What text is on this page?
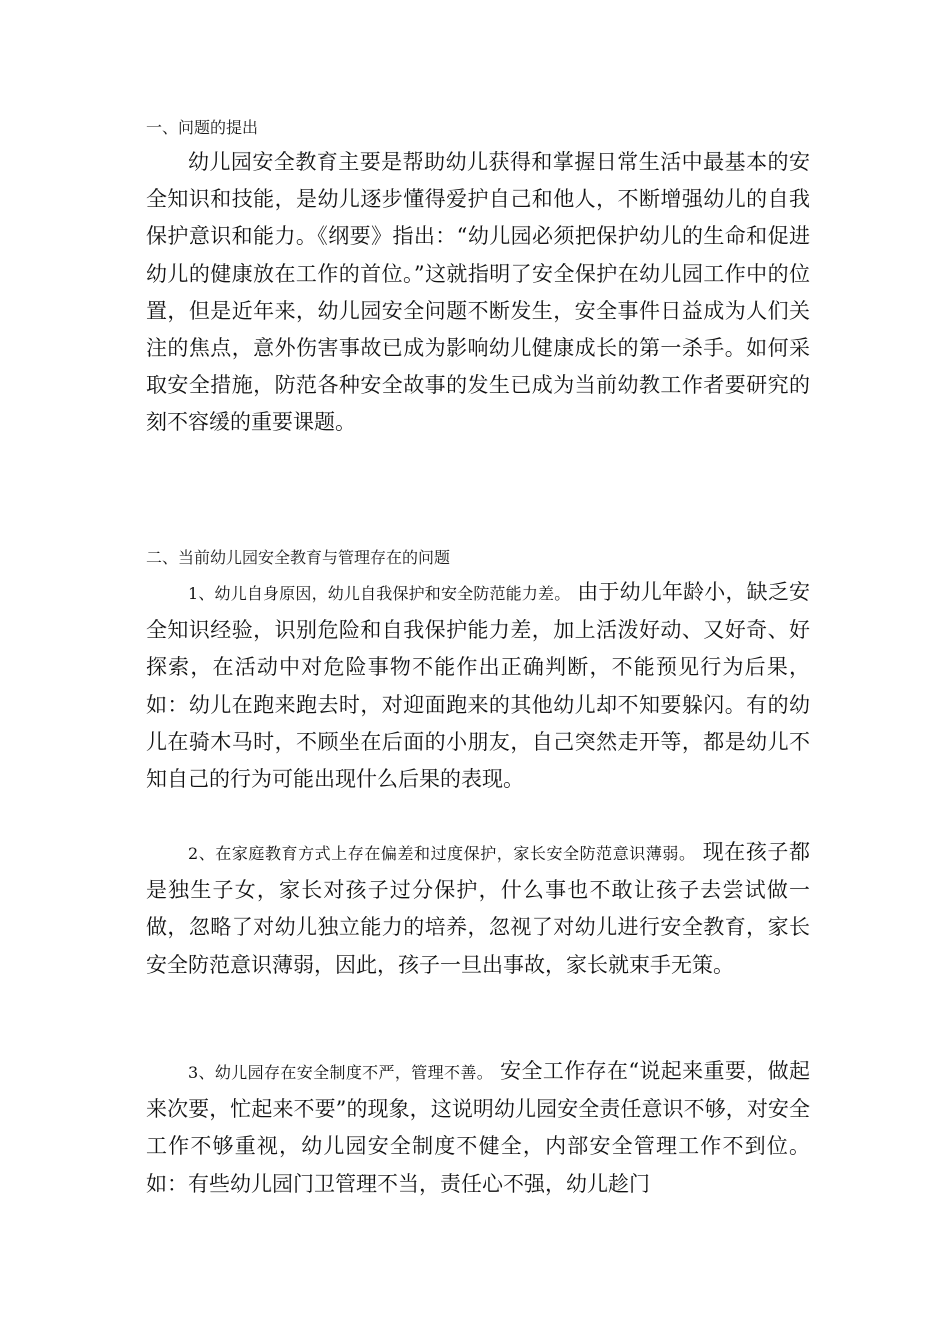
一、问题的提出

幼儿园安全教育主要是帮助幼儿获得和掌握日常生活中最基本的安全知识和技能，是幼儿逐步懂得爱护自己和他人，不断增强幼儿的自我保护意识和能力。《纲要》指出：“幼儿园必须把保护幼儿的生命和促进幼儿的健康放在工作的首位。”这就指明了安全保护在幼儿园工作中的位置，但是近年来，幼儿园安全问题不断发生，安全事件日益成为人们关注的焦点，意外伤害事故已成为影响幼儿健康成长的第一杀手。如何采取安全措施，防范各种安全故事的发生已成为当前幼教工作者要研究的刻不容缓的重要课题。

二、当前幼儿园安全教育与管理存在的问题

1、幼儿自身原因，幼儿自我保护和安全防范能力差。 由于幼儿年龄小，缺乏安全知识经验，识别危险和自我保护能力差，加上活泼好动、又好奇、好探索，在活动中对危险事物不能作出正确判断，不能预见行为后果，如：幼儿在跑来跑去时，对迎面跑来的其他幼儿却不知要躲闪。有的幼儿在骑木马时，不顾坐在后面的小朋友，自己突然走开等，都是幼儿不知自己的行为可能出现什么后果的表现。

2、在家庭教育方式上存在偏差和过度保护，家长安全防范意识薄弱。 现在孩子都是独生子女，家长对孩子过分保护，什么事也不敢让孩子去尝试做一做，忽略了对幼儿独立能力的培养，忽视了对幼儿进行安全教育，家长安全防范意识薄弱，因此，孩子一旦出事故，家长就束手无策。

3、幼儿园存在安全制度不严，管理不善。 安全工作存在“说起来重要，做起来次要，忙起来不要”的现象，这说明幼儿园安全责任意识不够，对安全工作不够重视，幼儿园安全制度不健全，内部安全管理工作不到位。如：有些幼儿园门卫管理不当，责任心不强，幼儿趁门
